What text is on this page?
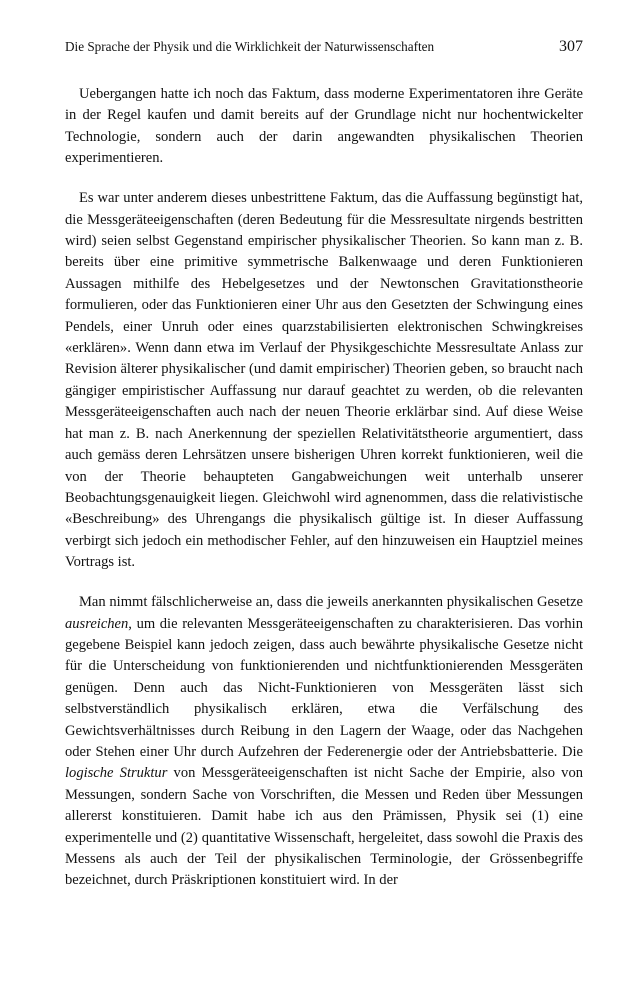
Die Sprache der Physik und die Wirklichkeit der Naturwissenschaften	307

Uebergangen hatte ich noch das Faktum, dass moderne Experimentatoren ihre Geräte in der Regel kaufen und damit bereits auf der Grundlage nicht nur hochentwickelter Technologie, sondern auch der darin angewandten physikalischen Theorien experimentieren.

Es war unter anderem dieses unbestrittene Faktum, das die Auffassung begünstigt hat, die Messgeräteeigenschaften (deren Bedeutung für die Messresultate nirgends bestritten wird) seien selbst Gegenstand empirischer physikalischer Theorien. So kann man z. B. bereits über eine primitive symmetrische Balkenwaage und deren Funktionieren Aussagen mithilfe des Hebelgesetzes und der Newtonschen Gravitationstheorie formulieren, oder das Funktionieren einer Uhr aus den Gesetzten der Schwingung eines Pendels, einer Unruh oder eines quarzstabilisierten elektronischen Schwingkreises «erklären». Wenn dann etwa im Verlauf der Physikgeschichte Messresultate Anlass zur Revision älterer physikalischer (und damit empirischer) Theorien geben, so braucht nach gängiger empiristischer Auffassung nur darauf geachtet zu werden, ob die relevanten Messgeräteeigenschaften auch nach der neuen Theorie erklärbar sind. Auf diese Weise hat man z. B. nach Anerkennung der speziellen Relativitätstheorie argumentiert, dass auch gemäss deren Lehrsätzen unsere bisherigen Uhren korrekt funktionieren, weil die von der Theorie behaupteten Gangabweichungen weit unterhalb unserer Beobachtungsgenauigkeit liegen. Gleichwohl wird agnenommen, dass die relativistische «Beschreibung» des Uhrengangs die physikalisch gültige ist. In dieser Auffassung verbirgt sich jedoch ein methodischer Fehler, auf den hinzuweisen ein Hauptziel meines Vortrags ist.

Man nimmt fälschlicherweise an, dass die jeweils anerkannten physikalischen Gesetze ausreichen, um die relevanten Messgeräteeigenschaften zu charakterisieren. Das vorhin gegebene Beispiel kann jedoch zeigen, dass auch bewährte physikalische Gesetze nicht für die Unterscheidung von funktionierenden und nichtfunktionierenden Messgeräten genügen. Denn auch das Nicht-Funktionieren von Messgeräten lässt sich selbstverständlich physikalisch erklären, etwa die Verfälschung des Gewichtsverhältnisses durch Reibung in den Lagern der Waage, oder das Nachgehen oder Stehen einer Uhr durch Aufzehren der Federenergie oder der Antriebsbatterie. Die logische Struktur von Messgeräteeigenschaften ist nicht Sache der Empirie, also von Messungen, sondern Sache von Vorschriften, die Messen und Reden über Messungen allererst konstituieren. Damit habe ich aus den Prämissen, Physik sei (1) eine experimentelle und (2) quantitative Wissenschaft, hergeleitet, dass sowohl die Praxis des Messens als auch der Teil der physikalischen Terminologie, der Grössenbegriffe bezeichnet, durch Präskriptionen konstituiert wird. In der
